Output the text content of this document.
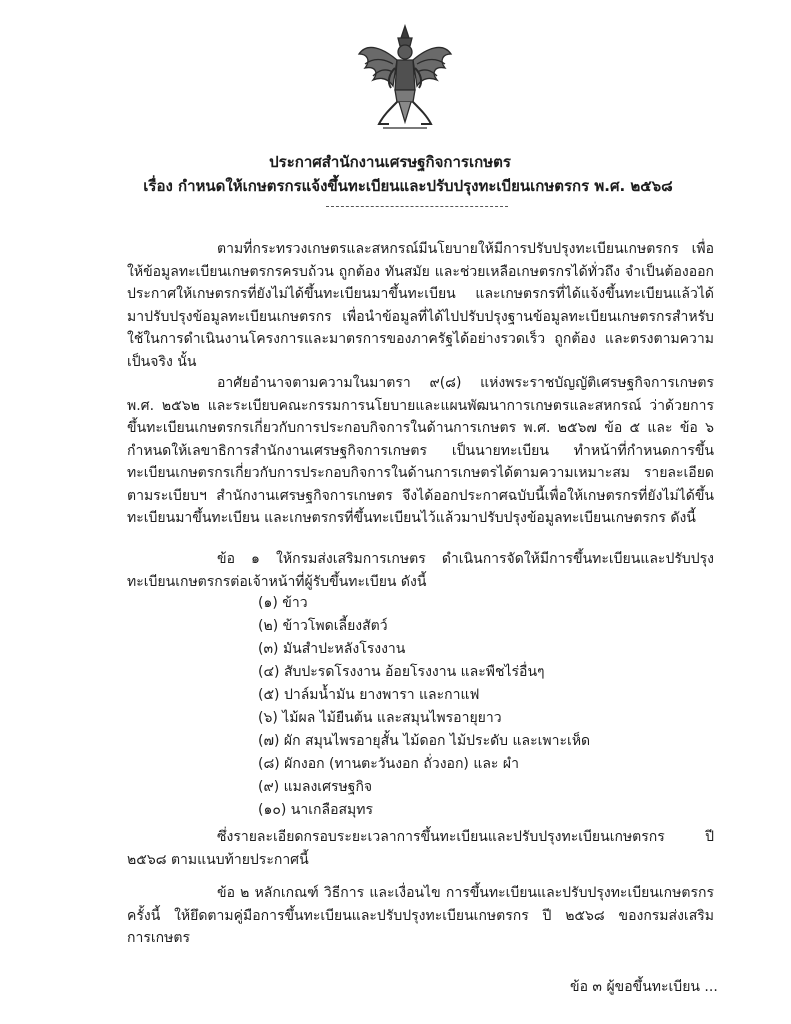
ประกาศสำนักงานเศรษฐกิจการเกษตร
เรื่อง กำหนดให้เกษตรกรแจ้งขึ้นทะเบียนและปรับปรุงทะเบียนเกษตรกร พ.ศ. ๒๕๖๘
ตามที่กระทรวงเกษตรและสหกรณ์มีนโยบายให้มีการปรับปรุงทะเบียนเกษตรกร เพื่อให้ข้อมูลทะเบียนเกษตรกรครบถ้วน ถูกต้อง ทันสมัย และช่วยเหลือเกษตรกรได้ทั่วถึง จำเป็นต้องออกประกาศให้เกษตรกรที่ยังไม่ได้ขึ้นทะเบียนมาขึ้นทะเบียน และเกษตรกรที่ได้แจ้งขึ้นทะเบียนแล้วได้มาปรับปรุงข้อมูลทะเบียนเกษตรกร เพื่อนำข้อมูลที่ได้ไปปรับปรุงฐานข้อมูลทะเบียนเกษตรกรสำหรับใช้ในการดำเนินงานโครงการและมาตรการของภาครัฐได้อย่างรวดเร็ว ถูกต้อง และตรงตามความเป็นจริง นั้น
อาศัยอำนาจตามความในมาตรา ๙(๘) แห่งพระราชบัญญัติเศรษฐกิจการเกษตร พ.ศ. ๒๕๖๒ และระเบียบคณะกรรมการนโยบายและแผนพัฒนาการเกษตรและสหกรณ์ ว่าด้วยการขึ้นทะเบียนเกษตรกรเกี่ยวกับการประกอบกิจการในด้านการเกษตร พ.ศ. ๒๕๖๗ ข้อ ๕ และ ข้อ ๖ กำหนดให้เลขาธิการสำนักงานเศรษฐกิจการเกษตร เป็นนายทะเบียน ทำหน้าที่กำหนดการขึ้นทะเบียนเกษตรกรเกี่ยวกับการประกอบกิจการในด้านการเกษตรได้ตามความเหมาะสม รายละเอียดตามระเบียบฯ สำนักงานเศรษฐกิจการเกษตร จึงได้ออกประกาศฉบับนี้เพื่อให้เกษตรกรที่ยังไม่ได้ขึ้นทะเบียนมาขึ้นทะเบียน และเกษตรกรที่ขึ้นทะเบียนไว้แล้วมาปรับปรุงข้อมูลทะเบียนเกษตรกร ดังนี้
ข้อ ๑ ให้กรมส่งเสริมการเกษตร ดำเนินการจัดให้มีการขึ้นทะเบียนและปรับปรุงทะเบียนเกษตรกรต่อเจ้าหน้าที่ผู้รับขึ้นทะเบียน ดังนี้
(๑) ข้าว
(๒) ข้าวโพดเลี้ยงสัตว์
(๓) มันสำปะหลังโรงงาน
(๔) สับปะรดโรงงาน อ้อยโรงงาน และพืชไร่อื่นๆ
(๕) ปาล์มน้ำมัน ยางพารา และกาแฟ
(๖) ไม้ผล ไม้ยืนต้น และสมุนไพรอายุยาว
(๗) ผัก สมุนไพรอายุสั้น ไม้ดอก ไม้ประดับ และเพาะเห็ด
(๘) ผักงอก (ทานตะวันงอก ถั่วงอก) และ ผำ
(๙) แมลงเศรษฐกิจ
(๑๐) นาเกลือสมุทร
ซึ่งรายละเอียดกรอบระยะเวลาการขึ้นทะเบียนและปรับปรุงทะเบียนเกษตรกร ปี ๒๕๖๘ ตามแนบท้ายประกาศนี้
ข้อ ๒ หลักเกณฑ์ วิธีการ และเงื่อนไข การขึ้นทะเบียนและปรับปรุงทะเบียนเกษตรกรครั้งนี้ ให้ยึดตามคู่มือการขึ้นทะเบียนและปรับปรุงทะเบียนเกษตรกร ปี ๒๕๖๘ ของกรมส่งเสริมการเกษตร
ข้อ ๓ ผู้ขอขึ้นทะเบียน ...
